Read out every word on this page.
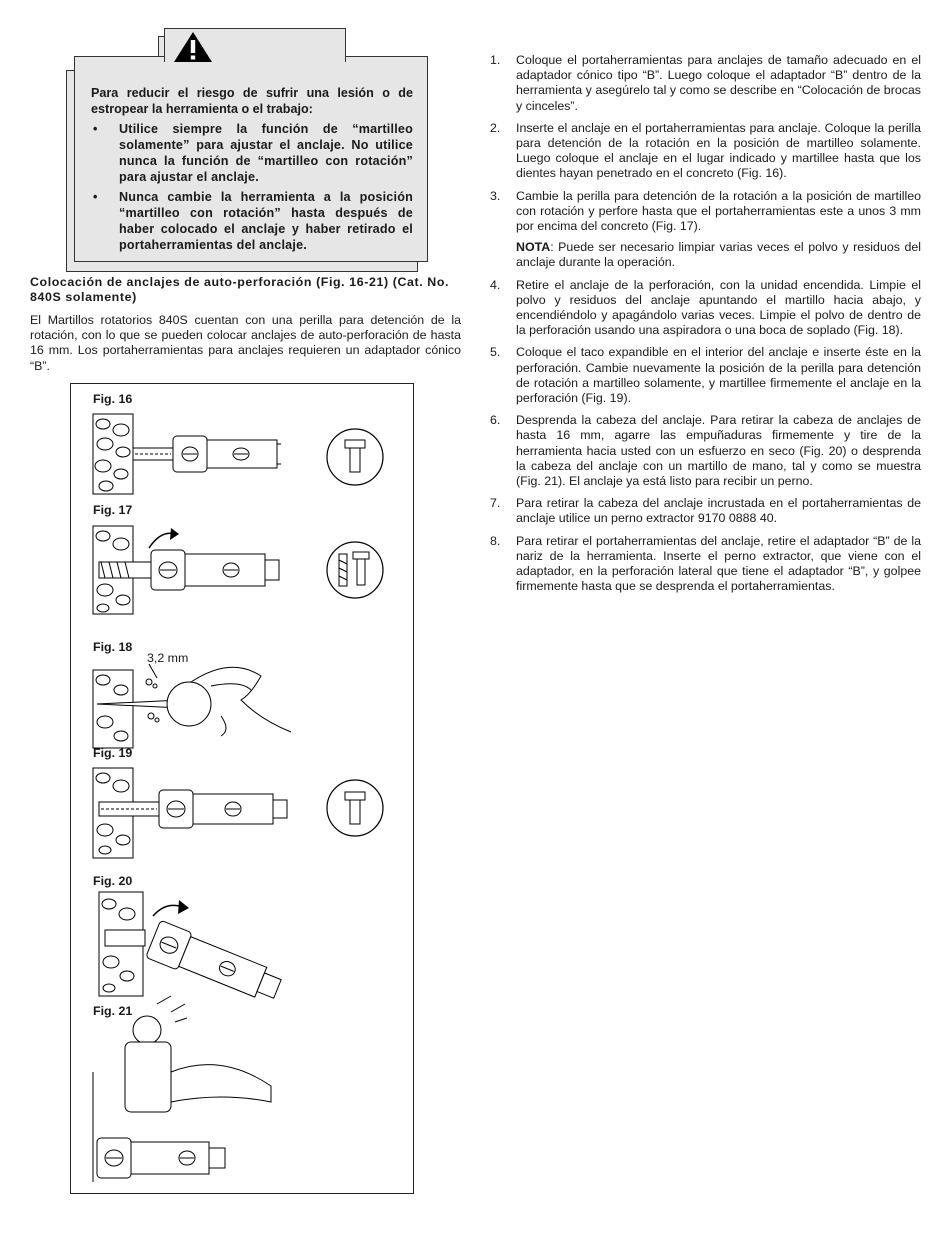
Para reducir el riesgo de sufrir una lesión o de estropear la herramienta o el trabajo:

• Utilice siempre la función de “martilleo solamente” para ajustar el anclaje. No utilice nunca la función de “martilleo con rotación” para ajustar el anclaje.
• Nunca cambie la herramienta a la posición “martilleo con rotación” hasta después de haber colocado el anclaje y haber retirado el portaherramientas del anclaje.
Colocación de anclajes de auto-perforación (Fig. 16-21) (Cat. No. 840S solamente)
El Martillos rotatorios 840S cuentan con una perilla para detención de la rotación, con lo que se pueden colocar anclajes de auto-perforación de hasta 16 mm. Los portaherramientas para anclajes requieren un adaptador cónico “B”.
Fig. 16
Fig. 17
Fig. 18
3,2 mm
Fig. 19
Fig. 20
Fig. 21
1. Coloque el portaherramientas para anclajes de tamaño adecuado en el adaptador cónico tipo “B”. Luego coloque el adaptador “B” dentro de la herramienta y asegúrelo tal y como se describe en “Colocación de brocas y cinceles”.
2. Inserte el anclaje en el portaherramientas para anclaje. Coloque la perilla para detención de la rotación en la posición de martilleo solamente. Luego coloque el anclaje en el lugar indicado y martillee hasta que los dientes hayan penetrado en el concreto (Fig. 16).
3. Cambie la perilla para detención de la rotación a la posición de martilleo con rotación y perfore hasta que el portaherramientas este a unos 3 mm por encima del concreto (Fig. 17).
NOTA: Puede ser necesario limpiar varias veces el polvo y residuos del anclaje durante la operación.
4. Retire el anclaje de la perforación, con la unidad encendida. Limpie el polvo y residuos del anclaje apuntando el martillo hacia abajo, y encendiéndolo y apagándolo varias veces. Limpie el polvo de dentro de la perforación usando una aspiradora o una boca de soplado (Fig. 18).
5. Coloque el taco expandible en el interior del anclaje e inserte éste en la perforación. Cambie nuevamente la posición de la perilla para detención de rotación a martilleo solamente, y martillee firmemente el anclaje en la perforación (Fig. 19).
6. Desprenda la cabeza del anclaje. Para retirar la cabeza de anclajes de hasta 16 mm, agarre las empuñaduras firmemente y tire de la herramienta hacia usted con un esfuerzo en seco (Fig. 20) o desprenda la cabeza del anclaje con un martillo de mano, tal y como se muestra (Fig. 21). El anclaje ya está listo para recibir un perno.
7. Para retirar la cabeza del anclaje incrustada en el portaherramientas de anclaje utilice un perno extractor 9170 0888 40.
8. Para retirar el portaherramientas del anclaje, retire el adaptador “B” de la nariz de la herramienta. Inserte el perno extractor, que viene con el adaptador, en la perforación lateral que tiene el adaptador “B”, y golpee firmemente hasta que se desprenda el portaherramientas.
